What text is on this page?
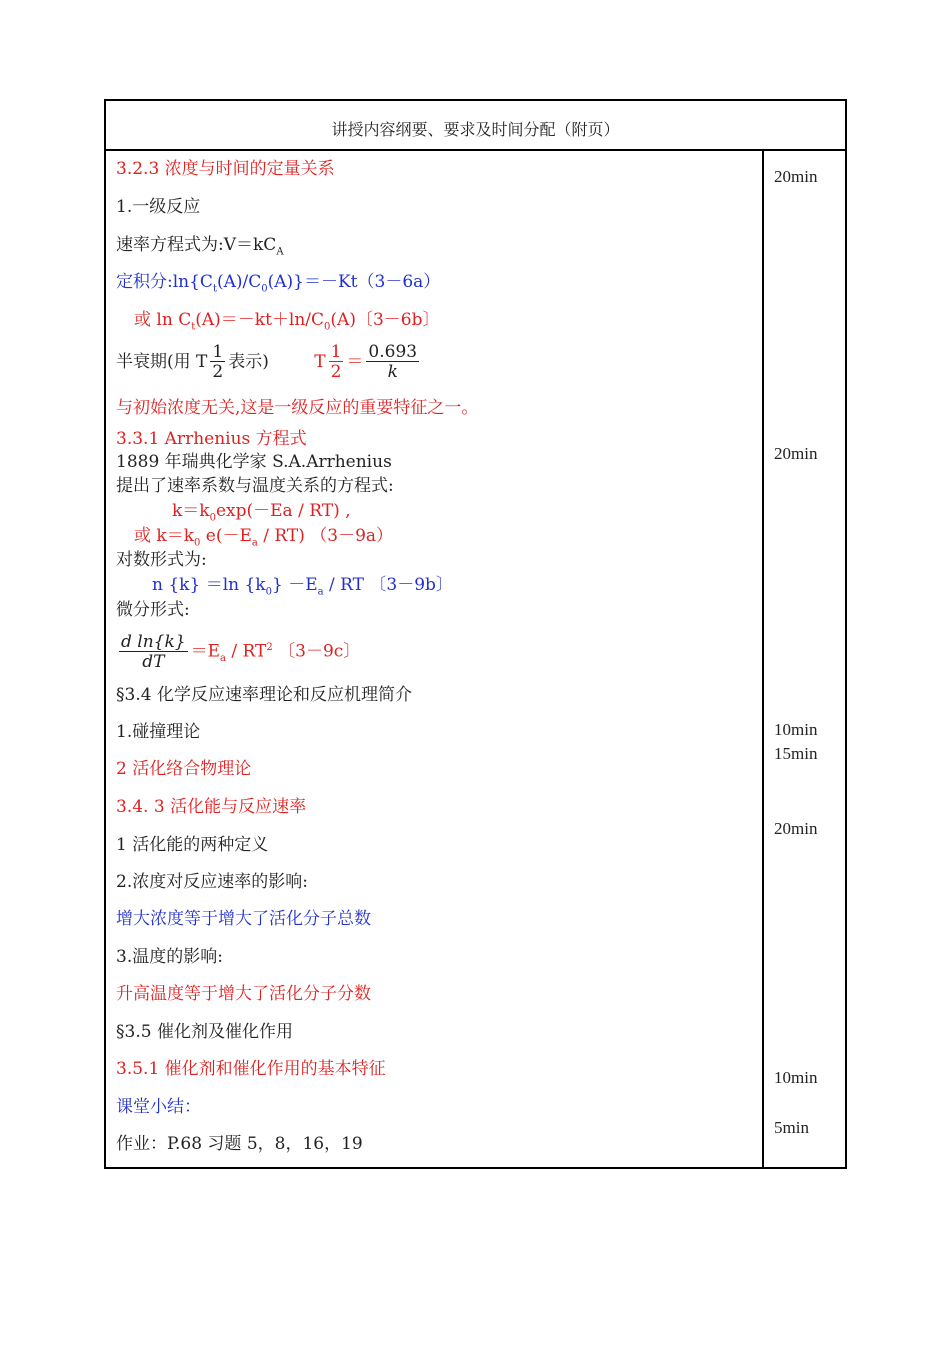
讲授内容纲要、要求及时间分配（附页）
3.2.3 浓度与时间的定量关系
1.一级反应
速率方程式为$:V=kC_A$
定积分$:\ln\{C_t(A)/C_0(A)\}=-Kt(3-6a)$
或 $\ln C_t(A)=-kt+\ln/C_0(A)$〔3－6b〕
半衰期(用 T $\frac{1}{2}$ 表示)	T $\frac{1}{2} = \frac{0.693}{k}$
与初始浓度无关,这是一级反应的重要特征之一。
3.3.1 Arrhenius 方程式
1889 年瑞典化学家 S.A.Arrhenius
提出了速率系数与温度关系的方程式:
$k=k_0\exp(-Ea / RT)$ ,
或 $k=k_0$ $e(-E_a / RT)$ （3－9a）
对数形式为:
n {k} ＝ln $\{k_0\} -E_a$ / RT 〔3－9b〕
微分形式:
$\frac{\text{d ln\{k\}}}{dT} =E_a / RT^2$ 〔3－9c〕
§3.4 化学反应速率理论和反应机理简介
1.碰撞理论
2 活化络合物理论
3.4. 3 活化能与反应速率
1 活化能的两种定义
2.浓度对反应速率的影响:
增大浓度等于增大了活化分子总数
3.温度的影响:
升高温度等于增大了活化分子分数
§3.5 催化剂及催化作用
3.5.1 催化剂和催化作用的基本特征
课堂小结：
作业：P.68 习题 5，8，16，19
20min
20min
10min
15min
20min
10min
5min
